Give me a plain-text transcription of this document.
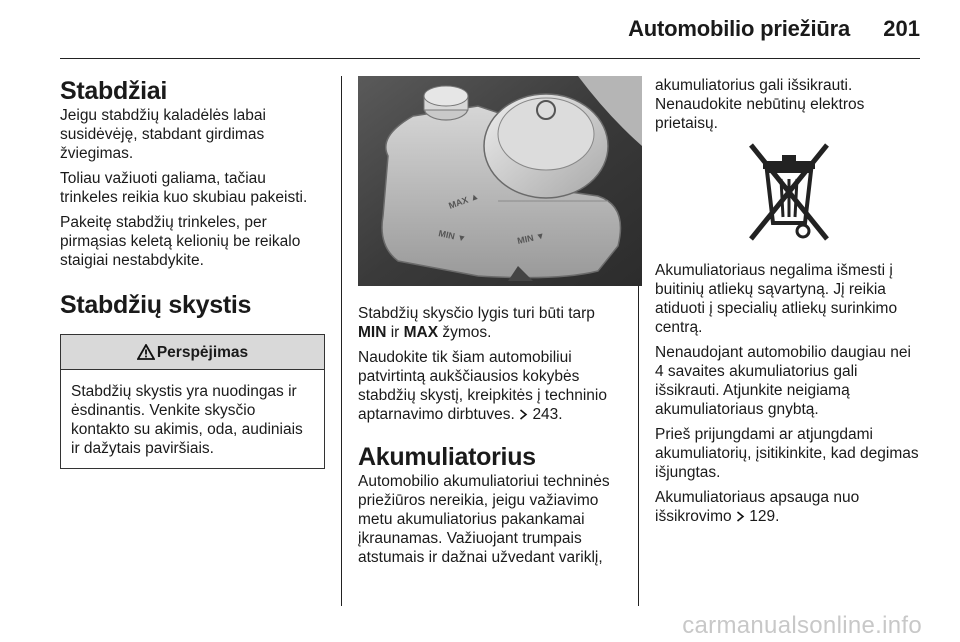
Automobilio priežiūra 201
Stabdžiai

Jeigu stabdžių kaladėlės labai susidėvėję, stabdant girdimas žviegimas.

Toliau važiuoti galiama, tačiau trinkeles reikia kuo skubiau pakeisti.

Pakeitę stabdžių trinkeles, per pirmąsias keletą kelionių be reikalo staigiai nestabdykite.

Stabdžių skystis
Perspėjimas
Stabdžių skystis yra nuodingas ir ėsdinantis. Venkite skysčio kontakto su akimis, oda, audiniais ir dažytais paviršiais.
MAX ▲
MIN ▼	MIN ▼

Stabdžių skysčio lygis turi būti tarp MIN ir MAX žymos.

Naudokite tik šiam automobiliui patvirtintą aukščiausios kokybės stabdžių skystį, kreipkitės į techninio aptarnavimo dirbtuves. 243.

Akumuliatorius

Automobilio akumuliatoriui techninės priežiūros nereikia, jeigu važiavimo metu akumuliatorius pakankamai įkraunamas. Važiuojant trumpais atstumais ir dažnai užvedant variklį,

akumuliatorius gali išsikrauti. Nenaudokite nebūtinų elektros prietaisų.

Akumuliatoriaus negalima išmesti į buitinių atliekų sąvartyną. Jį reikia atiduoti į specialių atliekų surinkimo centrą.

Nenaudojant automobilio daugiau nei 4 savaites akumuliatorius gali išsikrauti. Atjunkite neigiamą akumuliatoriaus gnybtą.

Prieš prijungdami ar atjungdami akumuliatorių, įsitikinkite, kad degimas išjungtas.

Akumuliatoriaus apsauga nuo išsikrovimo 129.

carmanualsonline.info
